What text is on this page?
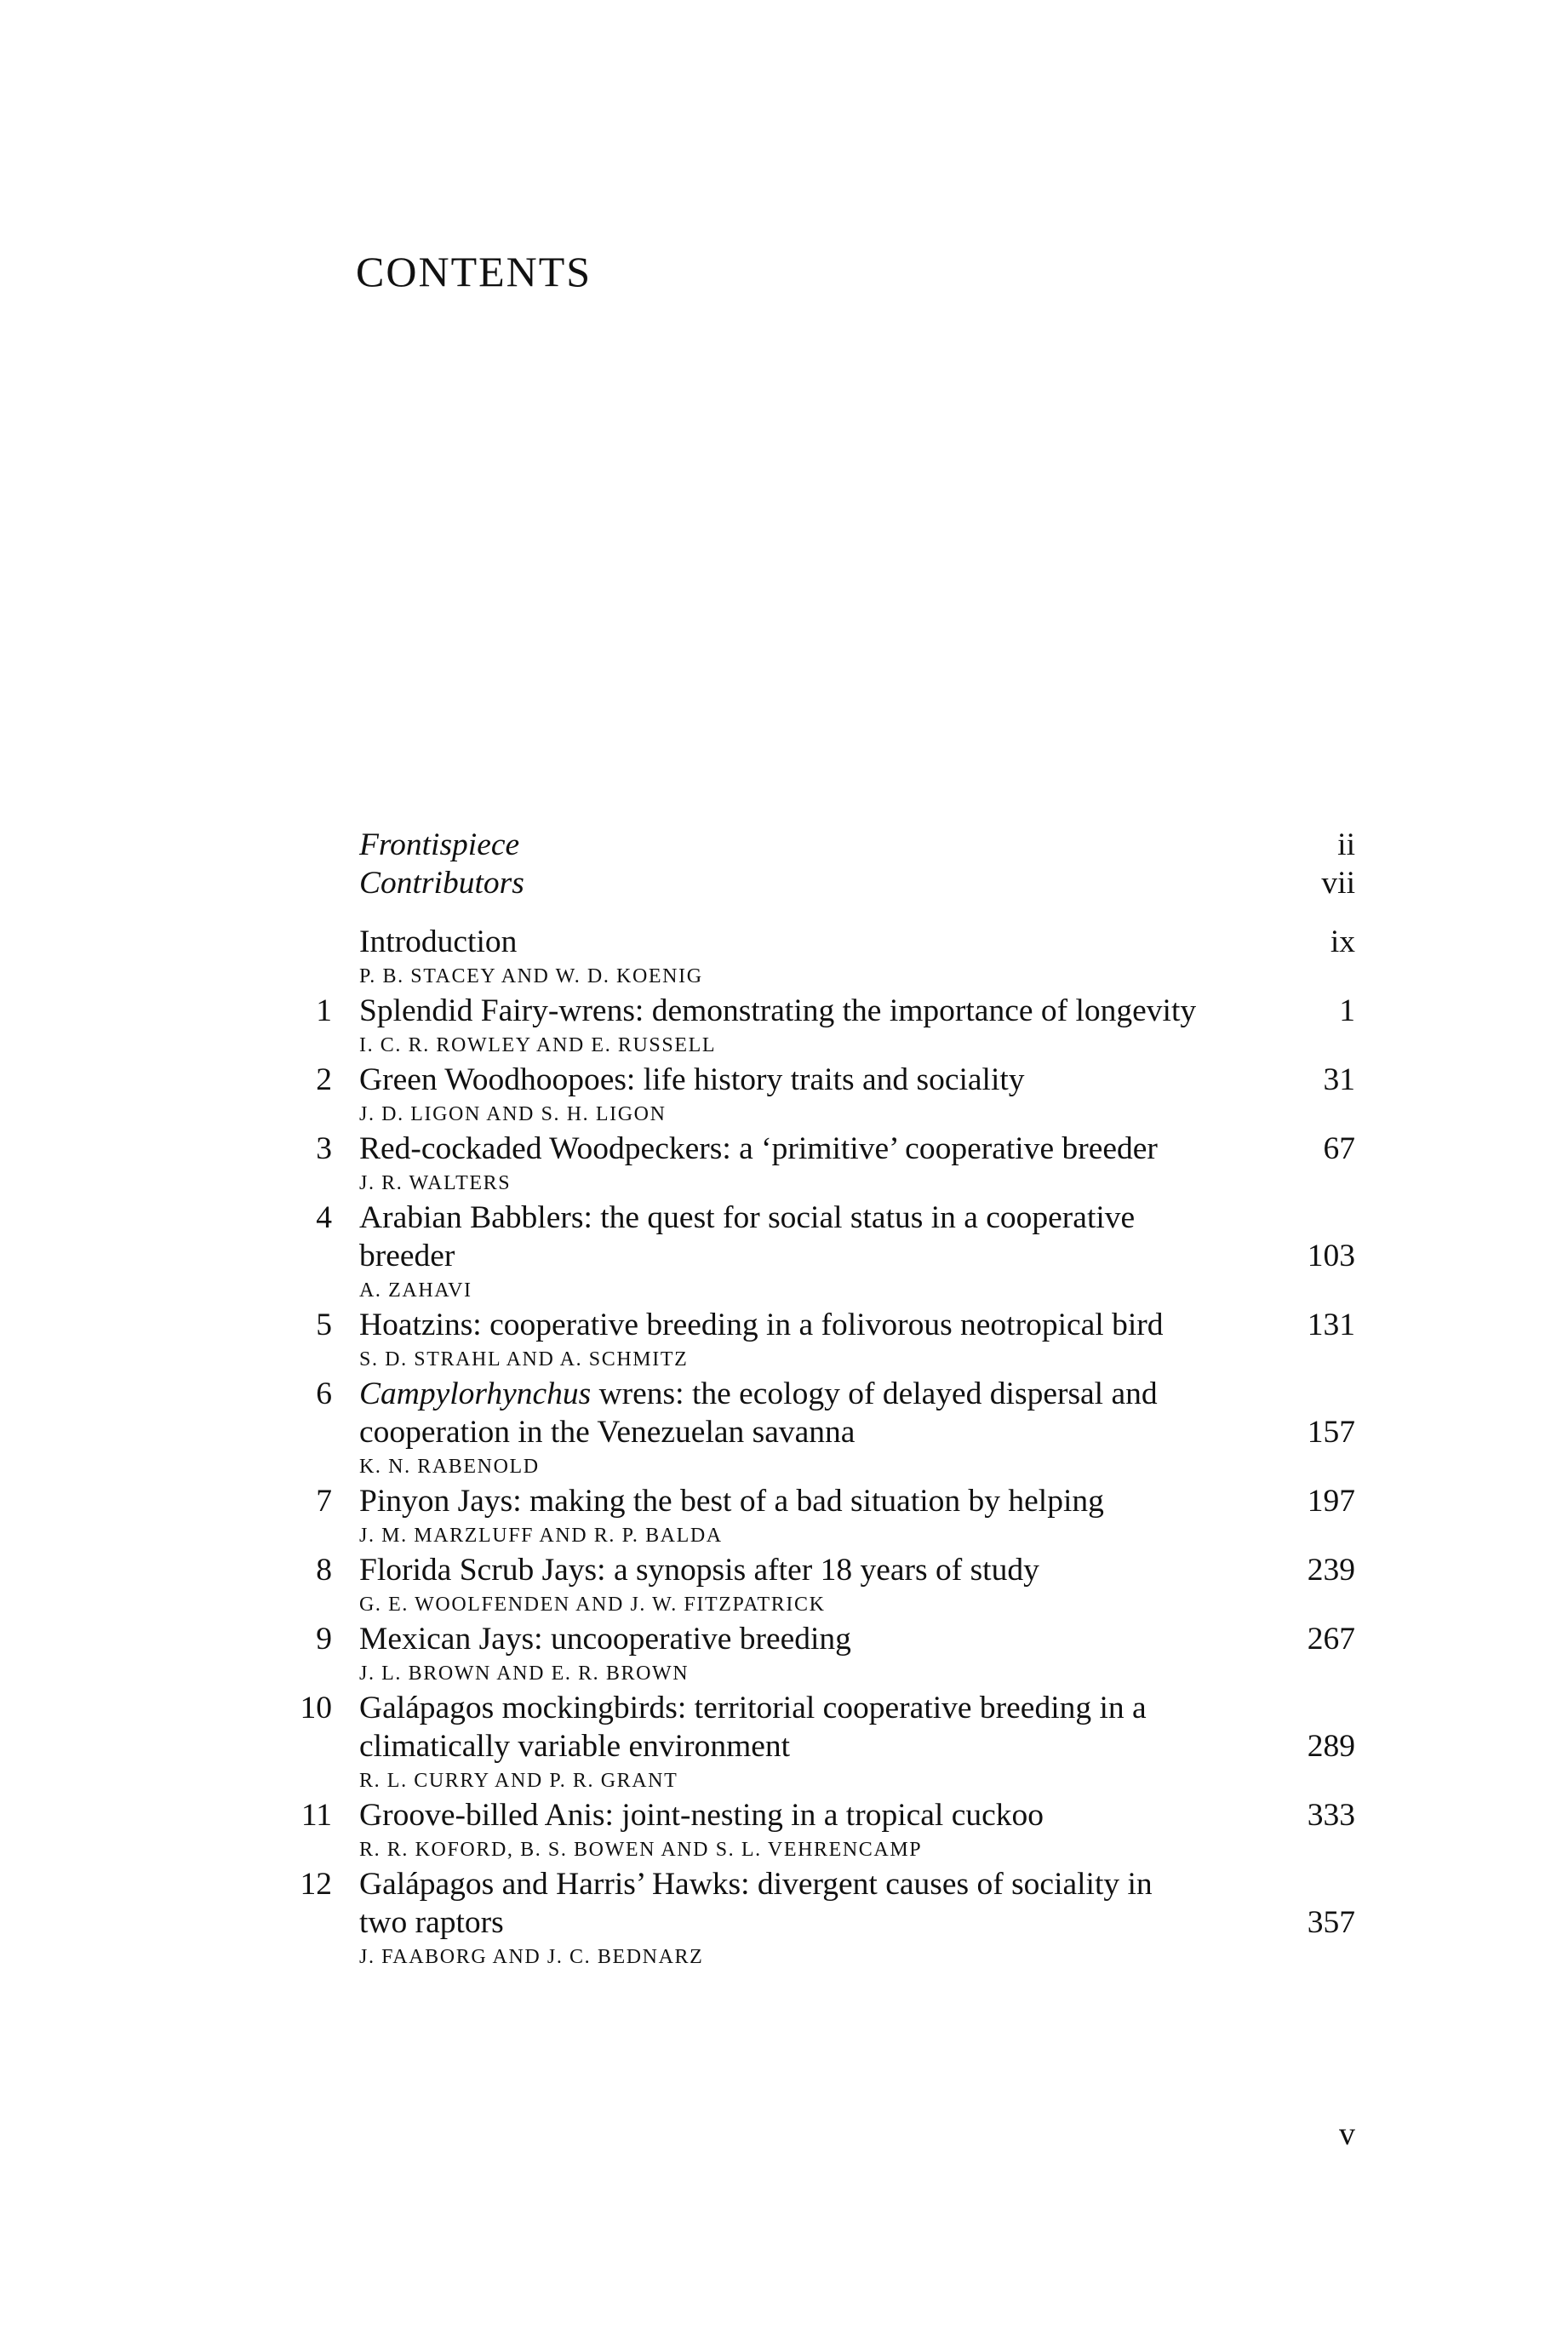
CONTENTS
Frontispiece	ii
Contributors	vii
Introduction	ix
P. B. STACEY AND W. D. KOENIG
1 Splendid Fairy-wrens: demonstrating the importance of longevity	1
I. C. R. ROWLEY AND E. RUSSELL
2 Green Woodhoopoes: life history traits and sociality	31
J. D. LIGON AND S. H. LIGON
3 Red-cockaded Woodpeckers: a ‘primitive’ cooperative breeder	67
J. R. WALTERS
4 Arabian Babblers: the quest for social status in a cooperative
breeder	103
A. ZAHAVI
5 Hoatzins: cooperative breeding in a folivorous neotropical bird	131
S. D. STRAHL AND A. SCHMITZ
6 Campylorhynchus wrens: the ecology of delayed dispersal and
cooperation in the Venezuelan savanna	157
K. N. RABENOLD
7 Pinyon Jays: making the best of a bad situation by helping	197
J. M. MARZLUFF AND R. P. BALDA
8 Florida Scrub Jays: a synopsis after 18 years of study	239
G. E. WOOLFENDEN AND J. W. FITZPATRICK
9 Mexican Jays: uncooperative breeding	267
J. L. BROWN AND E. R. BROWN
10 Galápagos mockingbirds: territorial cooperative breeding in a
climatically variable environment	289
R. L. CURRY AND P. R. GRANT
11 Groove-billed Anis: joint-nesting in a tropical cuckoo	333
R. R. KOFORD, B. S. BOWEN AND S. L. VEHRENCAMP
12 Galápagos and Harris’ Hawks: divergent causes of sociality in
two raptors	357
J. FAABORG AND J. C. BEDNARZ
v
